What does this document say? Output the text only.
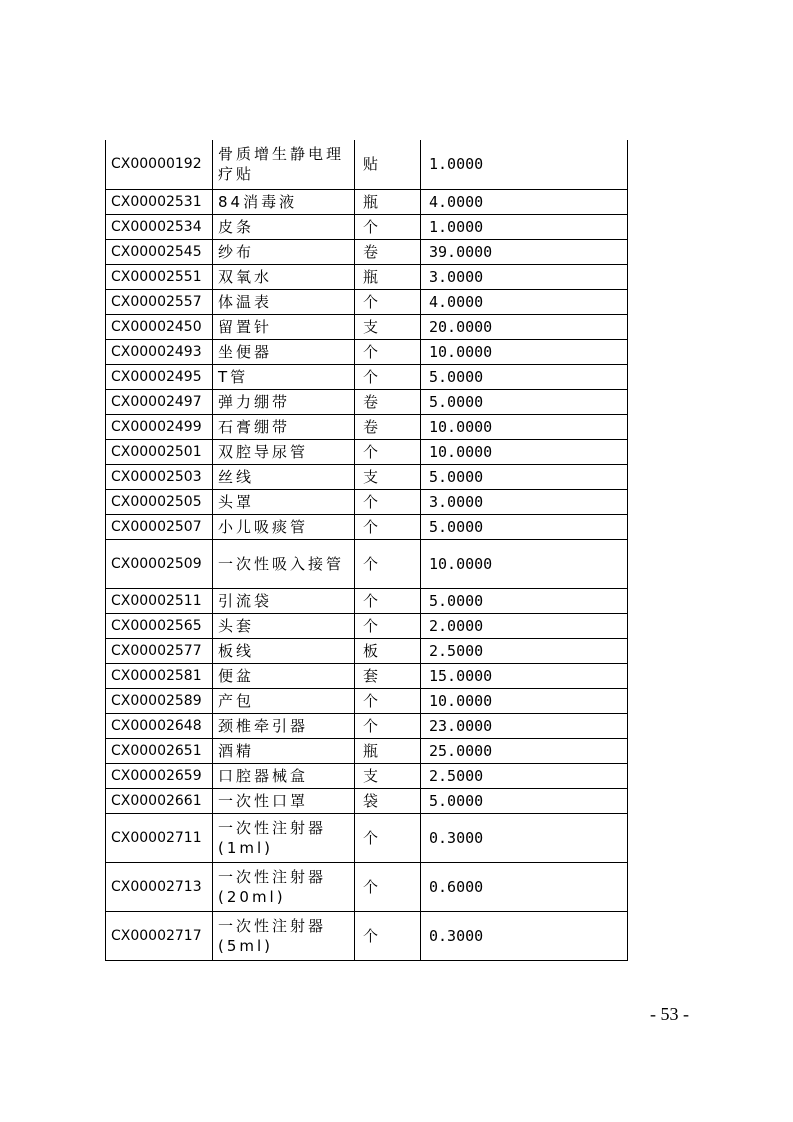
CX00000192	骨质增生静电理疗贴	贴	1.0000
CX00002531	84消毒液	瓶	4.0000
CX00002534	皮条	个	1.0000
CX00002545	纱布	卷	39.0000
CX00002551	双氧水	瓶	3.0000
CX00002557	体温表	个	4.0000
CX00002450	留置针	支	20.0000
CX00002493	坐便器	个	10.0000
CX00002495	T管	个	5.0000
CX00002497	弹力绷带	卷	5.0000
CX00002499	石膏绷带	卷	10.0000
CX00002501	双腔导尿管	个	10.0000
CX00002503	丝线	支	5.0000
CX00002505	头罩	个	3.0000
CX00002507	小儿吸痰管	个	5.0000
CX00002509	一次性吸入接管	个	10.0000
CX00002511	引流袋	个	5.0000
CX00002565	头套	个	2.0000
CX00002577	板线	板	2.5000
CX00002581	便盆	套	15.0000
CX00002589	产包	个	10.0000
CX00002648	颈椎牵引器	个	23.0000
CX00002651	酒精	瓶	25.0000
CX00002659	口腔器械盒	支	2.5000
CX00002661	一次性口罩	袋	5.0000
CX00002711	一次性注射器(1ml)	个	0.3000
CX00002713	一次性注射器(20ml)	个	0.6000
CX00002717	一次性注射器(5ml)	个	0.3000
- 53 -
